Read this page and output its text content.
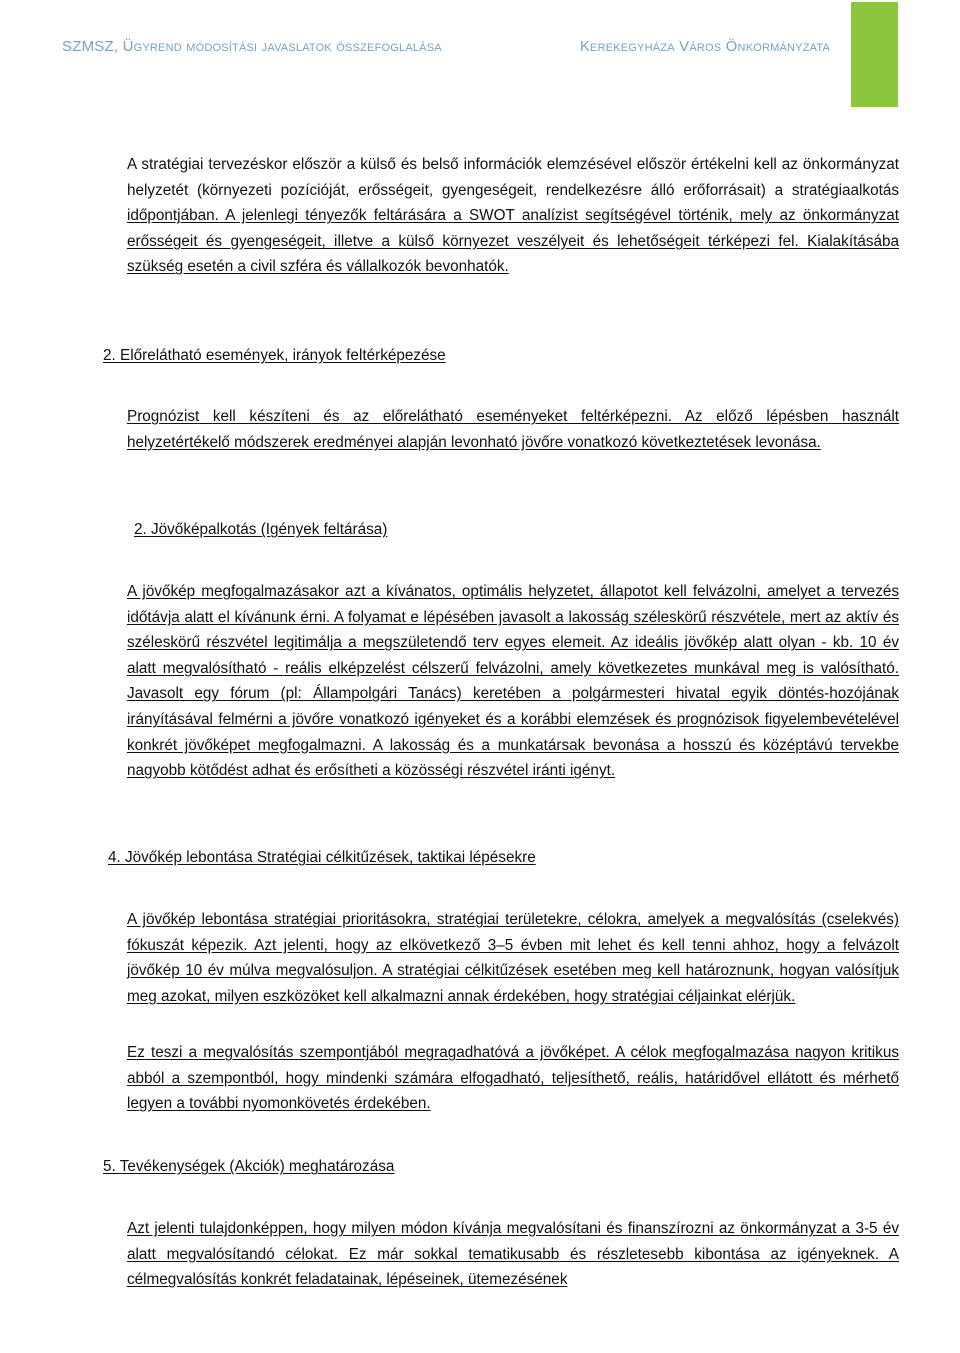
SZMSZ, Ügyrend módosítási javaslatok összefoglalása	Kerekegyháza Város Önkormányzata
A stratégiai tervezéskor először a külső és belső információk elemzésével először értékelni kell az önkormányzat helyzetét (környezeti pozícióját, erősségeit, gyengeségeit, rendelkezésre álló erőforrásait) a stratégiaalkotás időpontjában. A jelenlegi tényezők feltárására a SWOT analízist segítségével történik, mely az önkormányzat erősségeit és gyengeségeit, illetve a külső környezet veszélyeit és lehetőségeit térképezi fel. Kialakításába szükség esetén a civil szféra és vállalkozók bevonhatók.
2. Előrelátható események, irányok feltérképezése
Prognózist kell készíteni és az előrelátható eseményeket feltérképezni. Az előző lépésben használt helyzetértékelő módszerek eredményei alapján levonható jövőre vonatkozó következtetések levonása.
2. Jövőképalkotás (Igények feltárása)
A jövőkép megfogalmazásakor azt a kívánatos, optimális helyzetet, állapotot kell felvázolni, amelyet a tervezés időtávja alatt el kívánunk érni. A folyamat e lépésében javasolt a lakosság széleskörű részvétele, mert az aktív és széleskörű részvétel legitimálja a megszületendő terv egyes elemeit. Az ideális jövőkép alatt olyan - kb. 10 év alatt megvalósítható - reális elképzelést célszerű felvázolni, amely következetes munkával meg is valósítható. Javasolt egy fórum (pl: Állampolgári Tanács) keretében a polgármesteri hivatal egyik döntés-hozójának irányításával felmérni a jövőre vonatkozó igényeket és a korábbi elemzések és prognózisok figyelembevételével konkrét jövőképet megfogalmazni. A lakosság és a munkatársak bevonása a hosszú és középtávú tervekbe nagyobb kötődést adhat és erősítheti a közösségi részvétel iránti igényt.
4. Jövőkép lebontása Stratégiai célkitűzések, taktikai lépésekre
A jövőkép lebontása stratégiai prioritásokra, stratégiai területekre, célokra, amelyek a megvalósítás (cselekvés) fókuszát képezik. Azt jelenti, hogy az elkövetkező 3–5 évben mit lehet és kell tenni ahhoz, hogy a felvázolt jövőkép 10 év múlva megvalósuljon. A stratégiai célkitűzések esetében meg kell határoznunk, hogyan valósítjuk meg azokat, milyen eszközöket kell alkalmazni annak érdekében, hogy stratégiai céljainkat elérjük.
Ez teszi a megvalósítás szempontjából megragadhatóvá a jövőképet. A célok megfogalmazása nagyon kritikus abból a szempontból, hogy mindenki számára elfogadható, teljesíthető, reális, határidővel ellátott és mérhető legyen a további nyomonkövetés érdekében.
5. Tevékenységek (Akciók) meghatározása
Azt jelenti tulajdonképpen, hogy milyen módon kívánja megvalósítani és finanszírozni az önkormányzat a 3-5 év alatt megvalósítandó célokat. Ez már sokkal tematikusabb és részletesebb kibontása az igényeknek. A célmegvalósítás konkrét feladatainak, lépéseinek, ütemezésének
